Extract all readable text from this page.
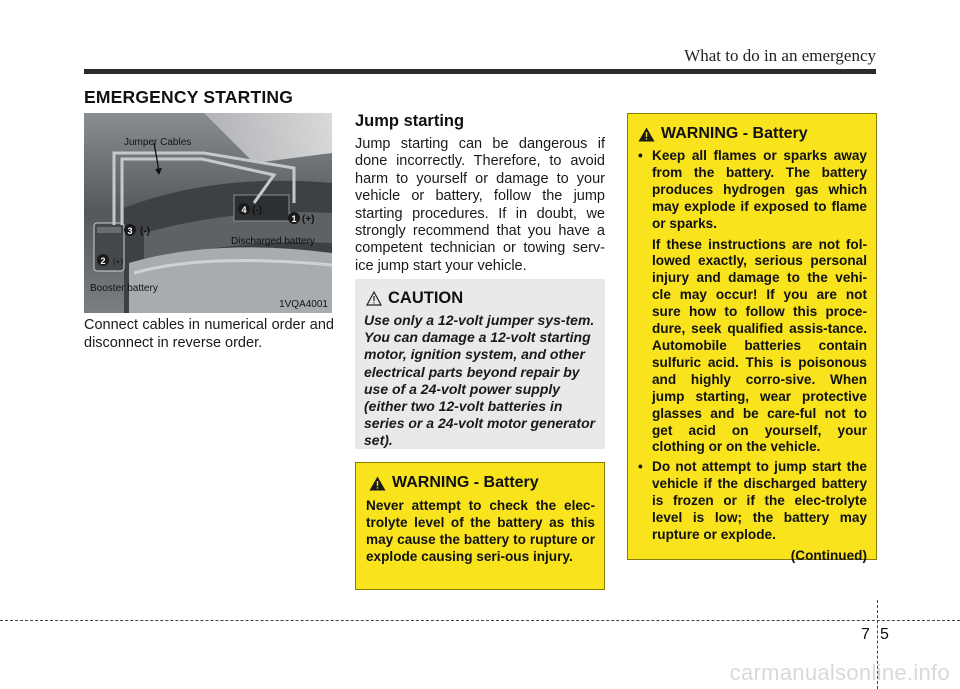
What to do in an emergency
EMERGENCY STARTING
3
2
4
1
(-)
(-)
(+)
(+)
Jumper Cables
Discharged battery
Booster battery
1VQA4001
Connect cables in numerical order and disconnect in reverse order.
Jump starting
Jump starting can be dangerous if done incorrectly. Therefore, to avoid harm to yourself or damage to your vehicle or battery, follow the jump starting procedures. If in doubt, we strongly recommend that you have a competent technician or towing serv-ice jump start your vehicle.
CAUTION
Use only a 12-volt jumper sys-tem. You can damage a 12-volt starting motor, ignition system, and other electrical parts beyond repair by use of a 24-volt power supply (either two 12-volt batteries in series or a 24-volt motor generator set).
WARNING - Battery
Never attempt to check the elec-trolyte level of the battery as this may cause the battery to rupture or explode causing seri-ous injury.
WARNING - Battery

• Keep all flames or sparks away from the battery. The battery produces hydrogen gas which may explode if exposed to flame or sparks.

If these instructions are not fol-lowed exactly, serious personal injury and damage to the vehi-cle may occur! If you are not sure how to follow this proce-dure, seek qualified assis-tance. Automobile batteries contain sulfuric acid. This is poisonous and highly corro-sive. When jump starting, wear protective glasses and be care-ful not to get acid on yourself, your clothing or on the vehicle.

• Do not attempt to jump start the vehicle if the discharged battery is frozen or if the elec-trolyte level is low; the battery may rupture or explode.

(Continued)
7 5
carmanualsonline.info
